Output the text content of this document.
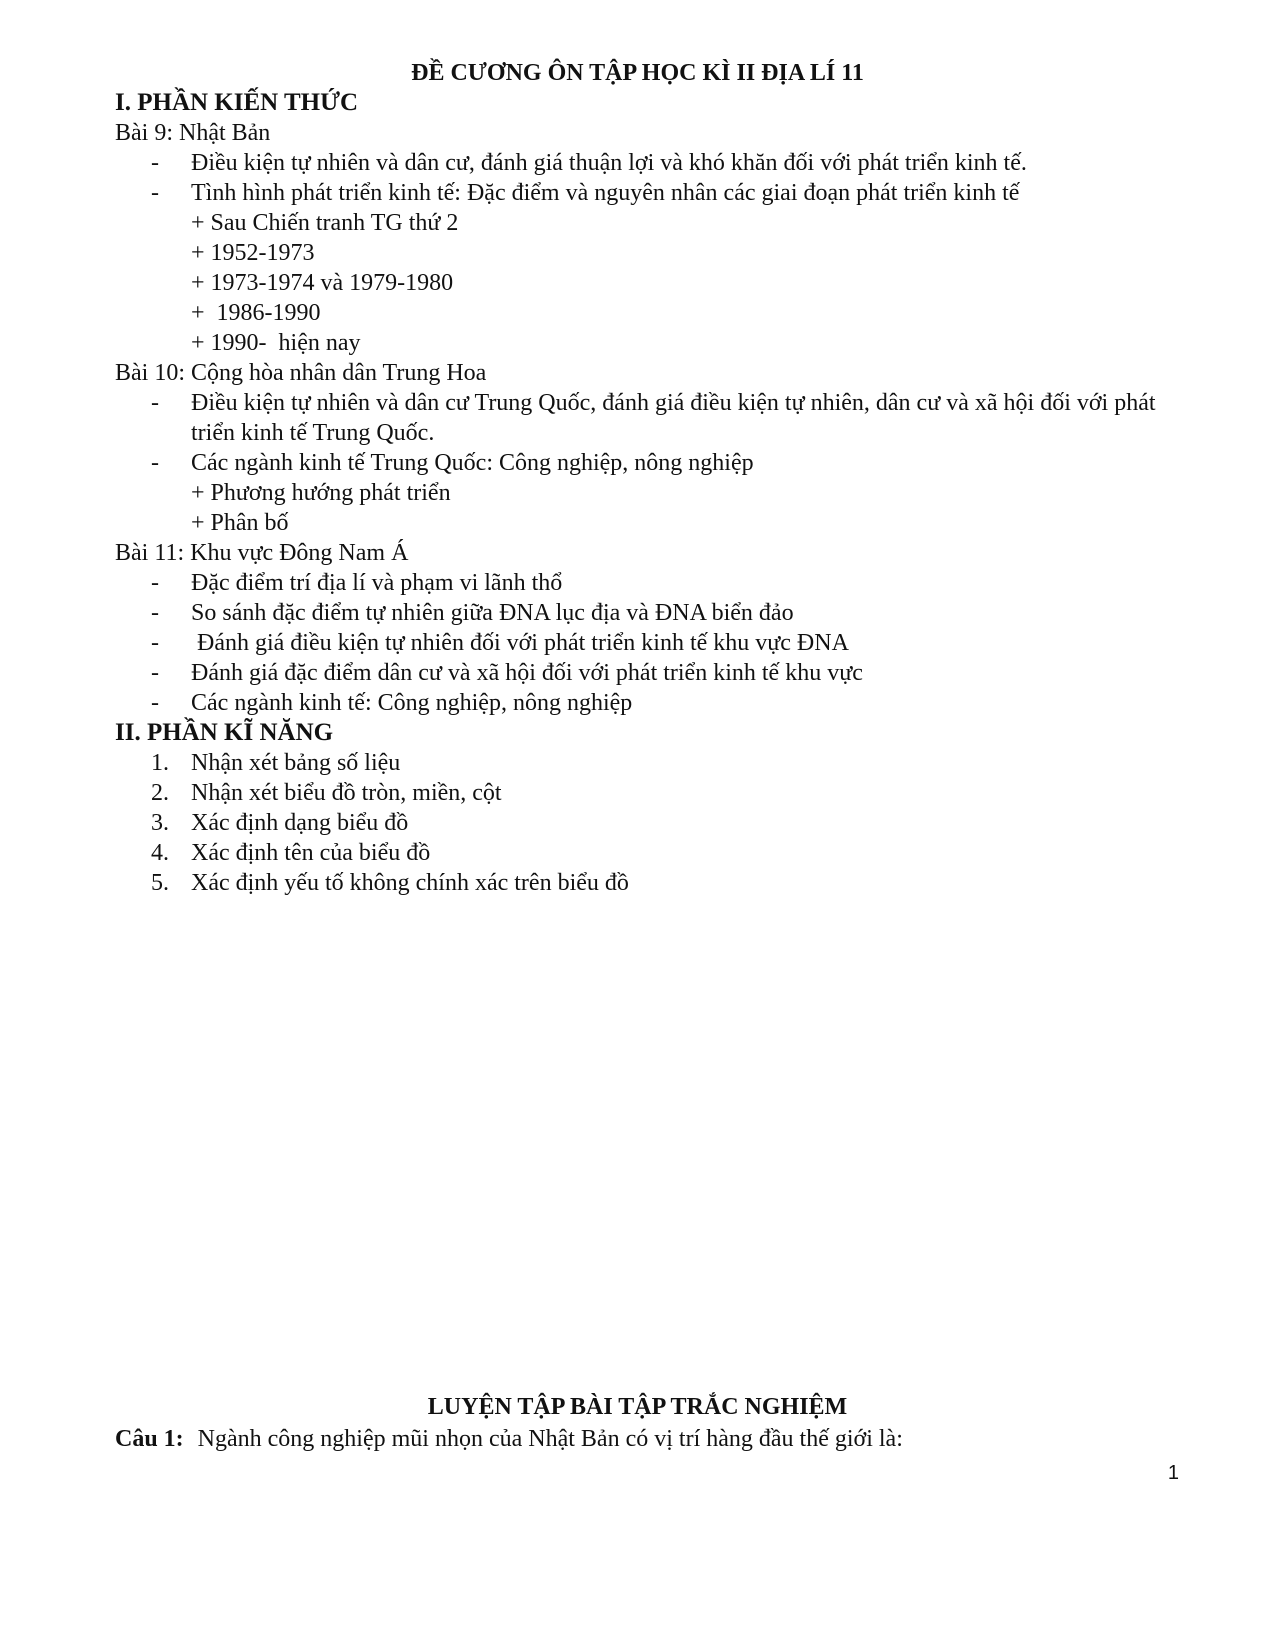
ĐỀ CƯƠNG ÔN TẬP HỌC KÌ II ĐỊA LÍ 11

I. PHẦN KIẾN THỨC

Bài 9: Nhật Bản

- Điều kiện tự nhiên và dân cư, đánh giá thuận lợi và khó khăn đối với phát triển kinh tế.
- Tình hình phát triển kinh tế: Đặc điểm và nguyên nhân các giai đoạn phát triển kinh tế
+ Sau Chiến tranh TG thứ 2
+ 1952-1973
+ 1973-1974 và 1979-1980
+  1986-1990
+ 1990-  hiện nay

Bài 10: Cộng hòa nhân dân Trung Hoa

- Điều kiện tự nhiên và dân cư Trung Quốc, đánh giá điều kiện tự nhiên, dân cư và xã hội đối với phát triển kinh tế Trung Quốc.
- Các ngành kinh tế Trung Quốc: Công nghiệp, nông nghiệp
+ Phương hướng phát triển
+ Phân bố

Bài 11: Khu vực Đông Nam Á

- Đặc điểm trí địa lí và phạm vi lãnh thổ
- So sánh đặc điểm tự nhiên giữa ĐNA lục địa và ĐNA biển đảo
- Đánh giá điều kiện tự nhiên đối với phát triển kinh tế khu vực ĐNA
- Đánh giá đặc điểm dân cư và xã hội đối với phát triển kinh tế khu vực
- Các ngành kinh tế: Công nghiệp, nông nghiệp

II. PHẦN KĨ NĂNG

1. Nhận xét bảng số liệu
2. Nhận xét biểu đồ tròn, miền, cột
3. Xác định dạng biểu đồ
4. Xác định tên của biểu đồ
5. Xác định yếu tố không chính xác trên biểu đồ
LUYỆN TẬP BÀI TẬP TRẮC NGHIỆM
Câu 1: Ngành công nghiệp mũi nhọn của Nhật Bản có vị trí hàng đầu thế giới là:
1
